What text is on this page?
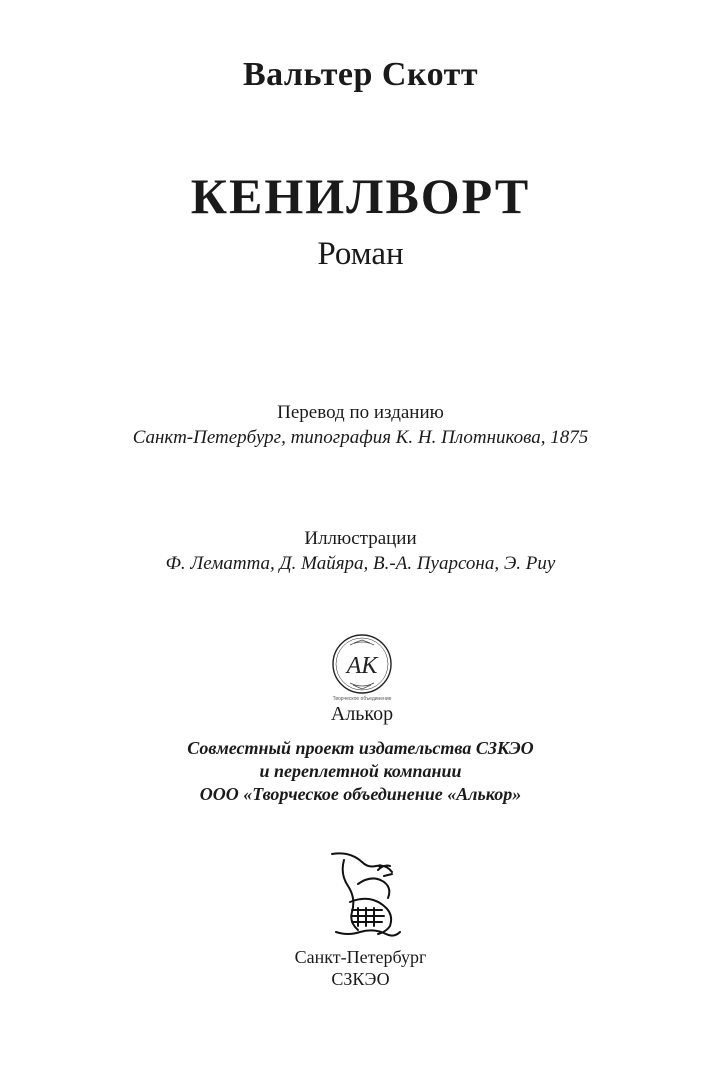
Вальтер Скотт
КЕНИЛВОРТ
Роман
Перевод по изданию
Санкт-Петербург, типография К. Н. Плотникова, 1875
Иллюстрации
Ф. Лематта, Д. Майяра, В.-А. Пуарсона, Э. Риу
АК
Творческое объединение
Алькор
Совместный проект издательства СЗКЭО
и переплетной компании
ООО «Творческое объединение «Алькор»
Санкт-Петербург
СЗКЭО
